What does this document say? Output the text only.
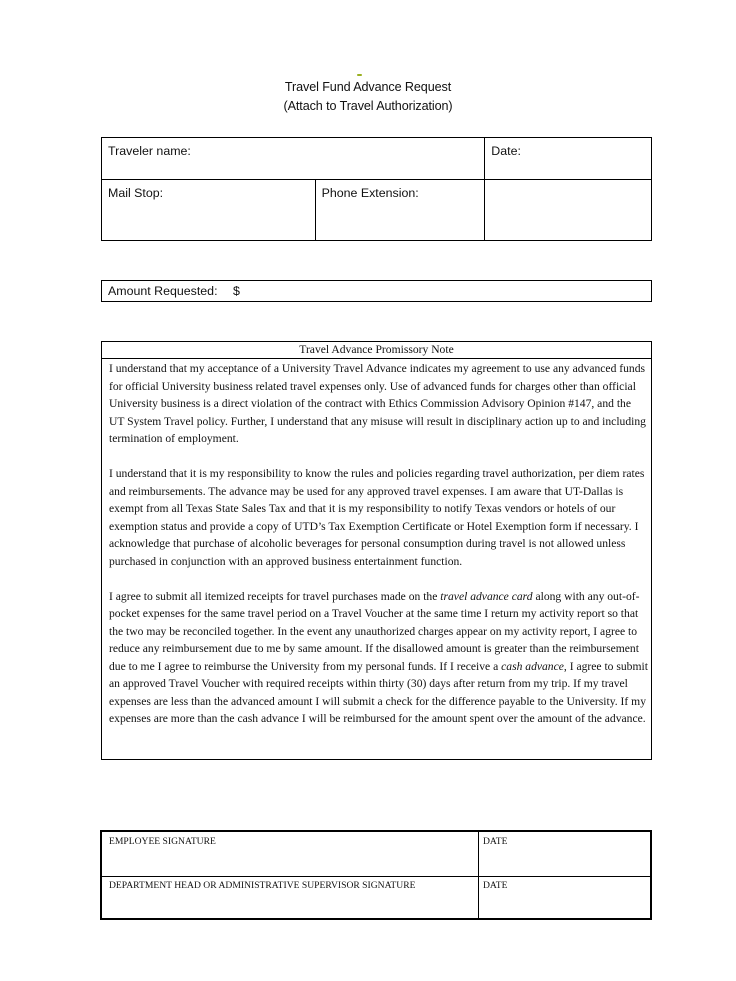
Travel Fund Advance Request
(Attach to Travel Authorization)
Traveler name:		Date:

Mail Stop:	Phone Extension:	

Amount Requested: $
Travel Advance Promissory Note

I understand that my acceptance of a University Travel Advance indicates my agreement to use any advanced funds for official University business related travel expenses only. Use of advanced funds for charges other than official University business is a direct violation of the contract with Ethics Commission Advisory Opinion #147, and the UT System Travel policy. Further, I understand that any misuse will result in disciplinary action up to and including termination of employment.

I understand that it is my responsibility to know the rules and policies regarding travel authorization, per diem rates and reimbursements. The advance may be used for any approved travel expenses. I am aware that UT-Dallas is exempt from all Texas State Sales Tax and that it is my responsibility to notify Texas vendors or hotels of our exemption status and provide a copy of UTD’s Tax Exemption Certificate or Hotel Exemption form if necessary. I acknowledge that purchase of alcoholic beverages for personal consumption during travel is not allowed unless purchased in conjunction with an approved business entertainment function.

I agree to submit all itemized receipts for travel purchases made on the travel advance card along with any out-of-pocket expenses for the same travel period on a Travel Voucher at the same time I return my activity report so that the two may be reconciled together. In the event any unauthorized charges appear on my activity report, I agree to reduce any reimbursement due to me by same amount. If the disallowed amount is greater than the reimbursement due to me I agree to reimburse the University from my personal funds. If I receive a cash advance, I agree to submit an approved Travel Voucher with required receipts within thirty (30) days after return from my trip. If my travel expenses are less than the advanced amount I will submit a check for the difference payable to the University. If my expenses are more than the cash advance I will be reimbursed for the amount spent over the amount of the advance.

EMPLOYEE SIGNATURE	DATE
DEPARTMENT HEAD OR ADMINISTRATIVE SUPERVISOR SIGNATURE	DATE
